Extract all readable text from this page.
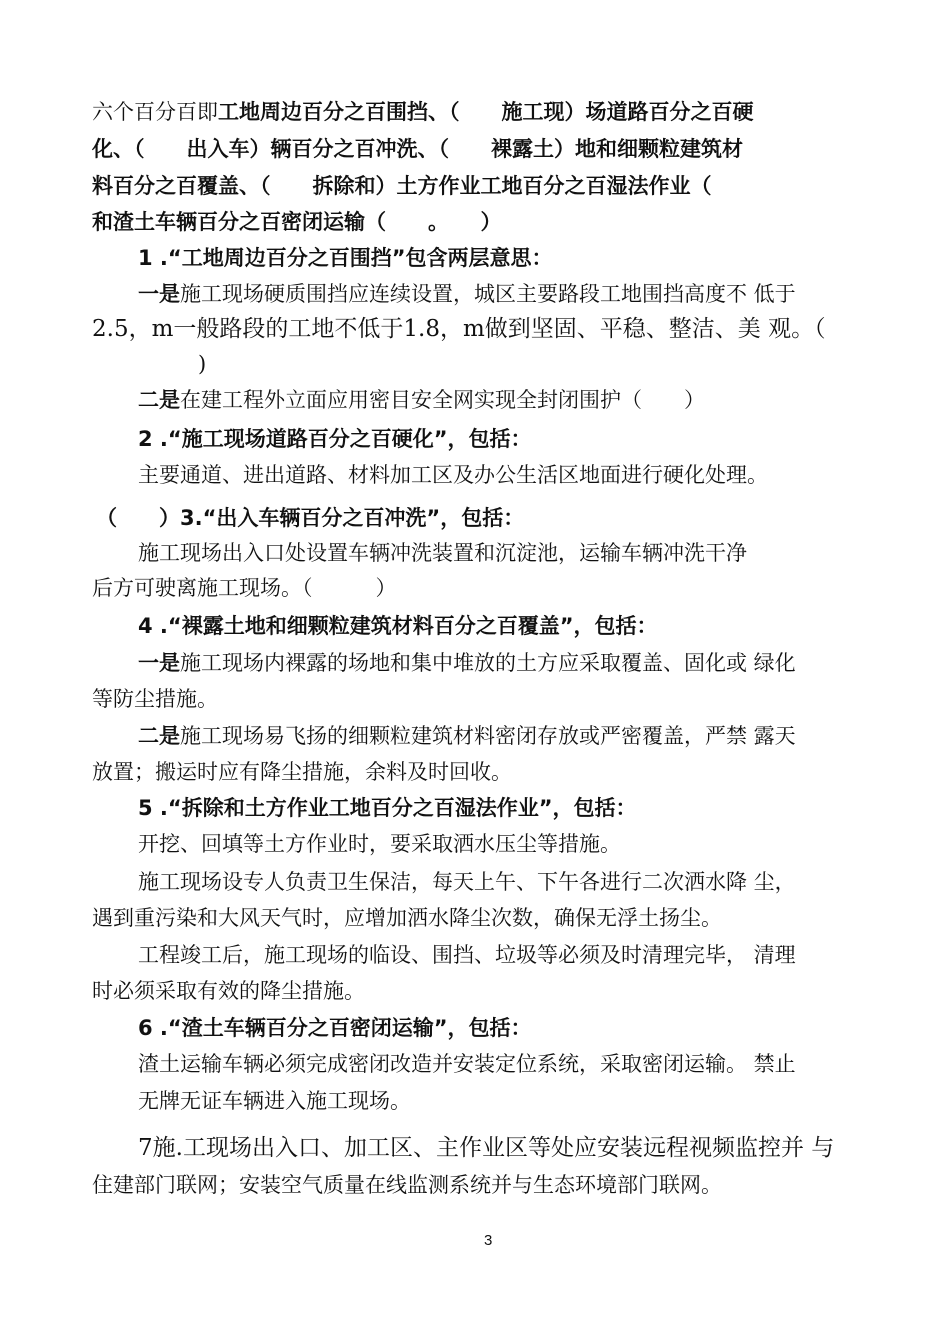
六个百分百即工地周边百分之百围挡、（　　施工现）场道路百分之百硬
化、（　　出入车）辆百分之百冲洗、（　　裸露土）地和细颗粒建筑材
料百分之百覆盖、（　　拆除和）土方作业工地百分之百湿法作业（
和渣土车辆百分之百密闭运输（　　。　　）
1 .“工地周边百分之百围挡”包含两层意思：
一是施工现场硬质围挡应连续设置，城区主要路段工地围挡高度不 低于
2.5，m一般路段的工地不低于1.8，m做到坚固、平稳、整洁、美 观。（
)
二是在建工程外立面应用密目安全网实现全封闭围护（　　）
2 .“施工现场道路百分之百硬化”，包括：
主要通道、进出道路、材料加工区及办公生活区地面进行硬化处理。
（　　）3.“出入车辆百分之百冲洗”，包括：
施工现场出入口处设置车辆冲洗装置和沉淀池，运输车辆冲洗干净
后方可驶离施工现场。（　　　）
4 .“裸露土地和细颗粒建筑材料百分之百覆盖”，包括：
一是施工现场内裸露的场地和集中堆放的土方应采取覆盖、固化或 绿化
等防尘措施。
二是施工现场易飞扬的细颗粒建筑材料密闭存放或严密覆盖，严禁 露天
放置；搬运时应有降尘措施，余料及时回收。
5 .“拆除和土方作业工地百分之百湿法作业”，包括：
开挖、回填等土方作业时，要采取洒水压尘等措施。
施工现场设专人负责卫生保洁，每天上午、下午各进行二次洒水降 尘，
遇到重污染和大风天气时，应增加洒水降尘次数，确保无浮土扬尘。
工程竣工后，施工现场的临设、围挡、垃圾等必须及时清理完毕， 清理
时必须采取有效的降尘措施。
6 .“渣土车辆百分之百密闭运输”，包括：
渣土运输车辆必须完成密闭改造并安装定位系统，采取密闭运输。 禁止
无牌无证车辆进入施工现场。
7施.工现场出入口、加工区、主作业区等处应安装远程视频监控并 与
住建部门联网；安装空气质量在线监测系统并与生态环境部门联网。
3
